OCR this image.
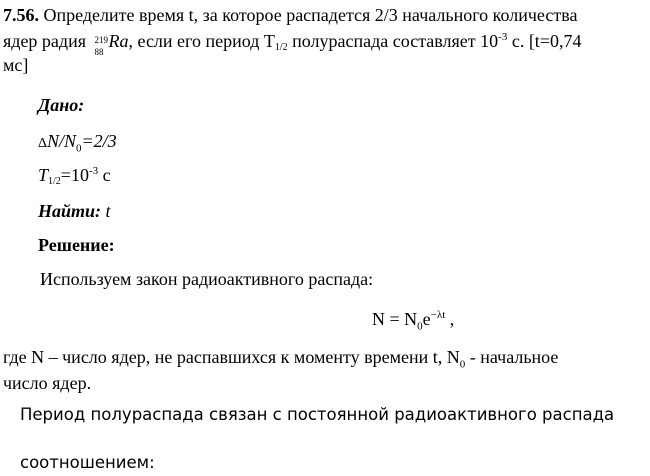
7.56. Определите время t, за которое распадется 2/3 начального количества
ядер радия 219
88
Ra, если его период T1/2 полураспада составляет $10^{-3}$ с. [t=0,74
мс]
Дано:
$\Delta N/N_0=2/3$
$T1/2=10^{-3}$ с
Найти: t
Решение:
Используем закон радиоактивного распада:
$N = N_0e^{-\lambda t}$ ,
где N – число ядер, не распавшихся к моменту времени t, $N_0$ - начальное
число ядер.
Период полураспада связан с постоянной радиоактивного распада
соотношением:
